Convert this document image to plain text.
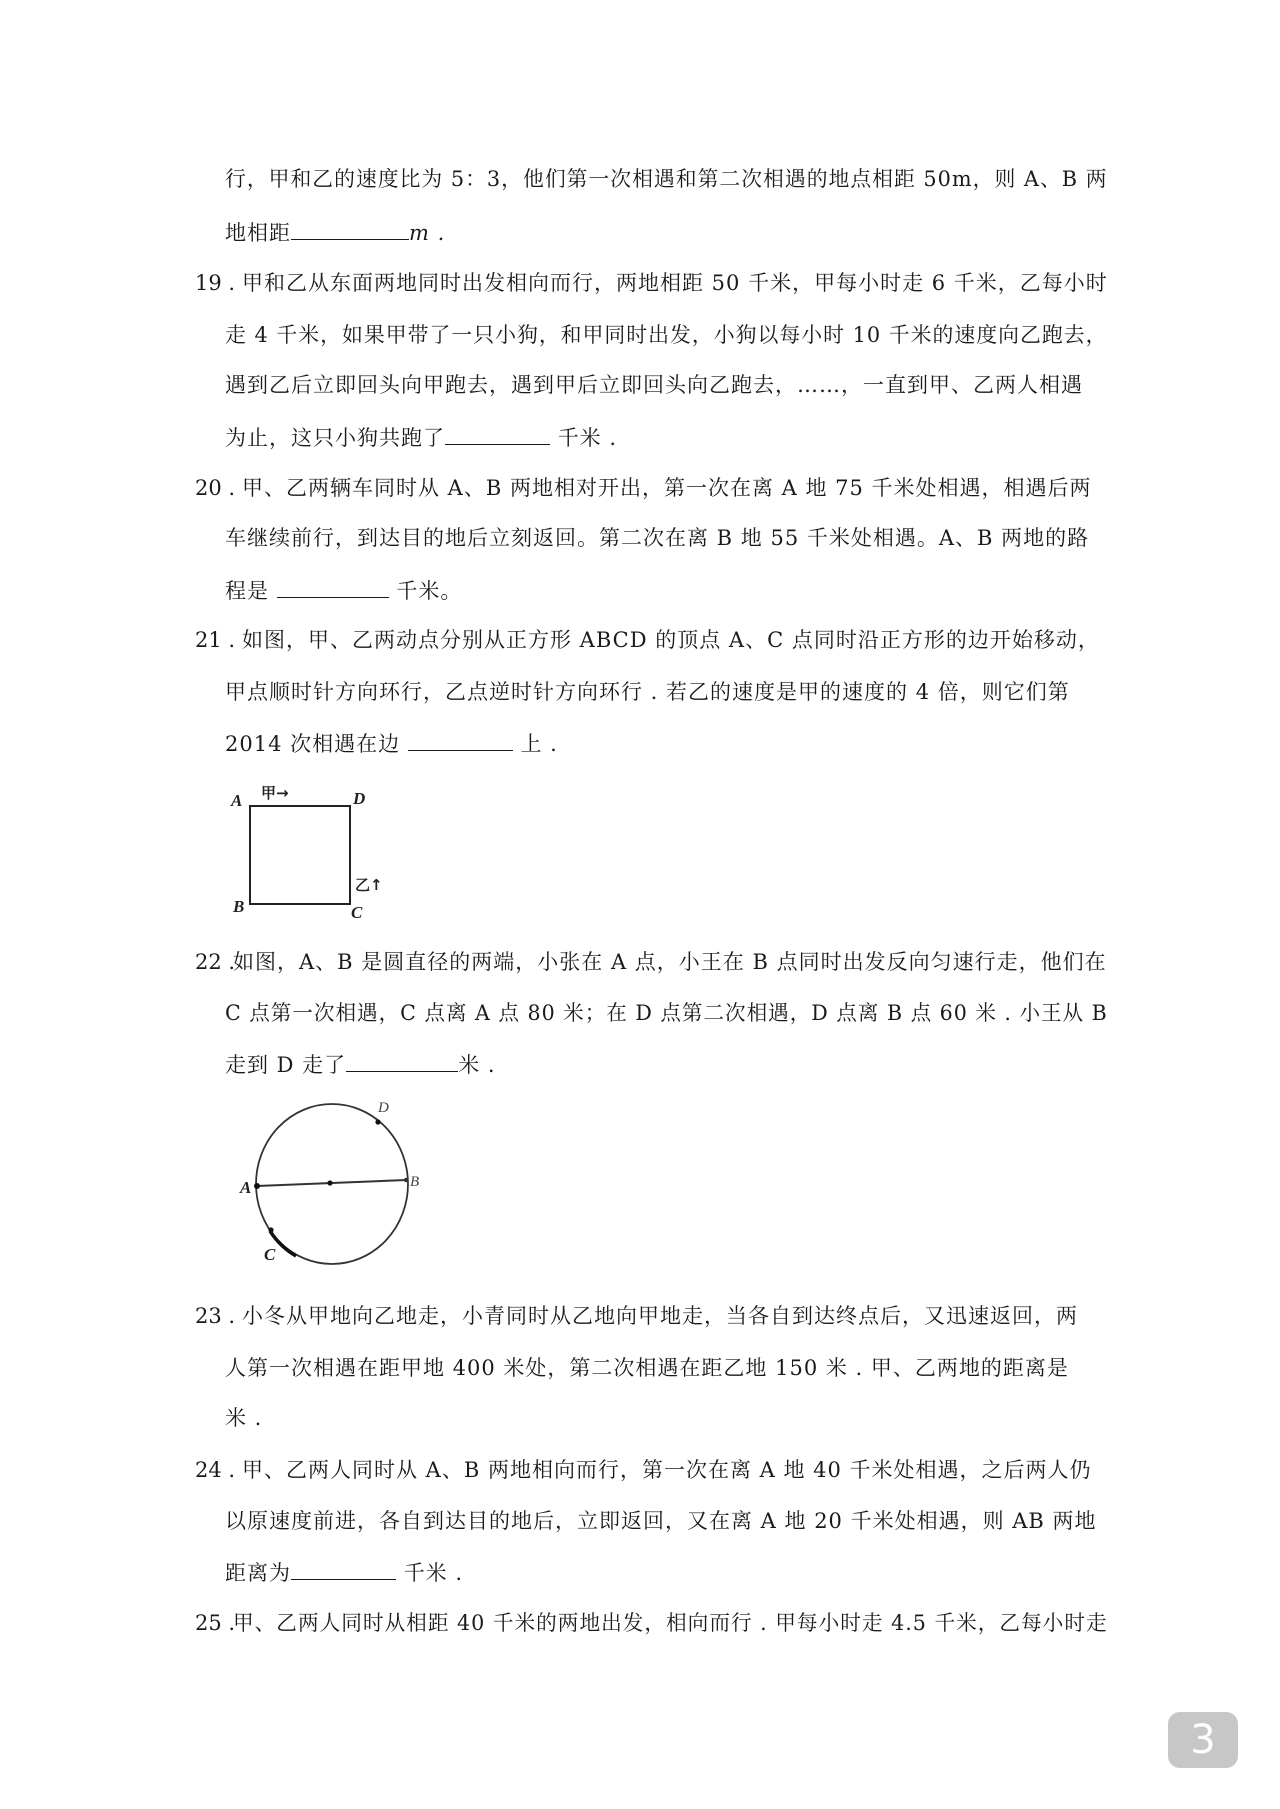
行，甲和乙的速度比为 5：3，他们第一次相遇和第二次相遇的地点相距 50m，则 A、B 两
地相距	m .
19 . 甲和乙从东面两地同时出发相向而行，两地相距 50 千米，甲每小时走 6 千米，乙每小时
走 4 千米，如果甲带了一只小狗，和甲同时出发，小狗以每小时 10 千米的速度向乙跑去，
遇到乙后立即回头向甲跑去，遇到甲后立即回头向乙跑去，……，一直到甲、乙两人相遇
为止，这只小狗共跑了	千米 .
20 . 甲、乙两辆车同时从 A、B 两地相对开出，第一次在离 A 地 75 千米处相遇，相遇后两
车继续前行，到达目的地后立刻返回。第二次在离 B 地 55 千米处相遇。A、B 两地的路
程是	千米。
21 . 如图，甲、乙两动点分别从正方形 ABCD 的顶点 A、C 点同时沿正方形的边开始移动，
甲点顺时针方向环行，乙点逆时针方向环行 . 若乙的速度是甲的速度的 4 倍，则它们第
2014 次相遇在边	上 .
A	D
B	C
甲→
乙↑
22 .
如图，A、B 是圆直径的两端，小张在 A 点，小王在 B 点同时出发反向匀速行走，他们在
C 点第一次相遇，C 点离 A 点 80 米；在 D 点第二次相遇，D 点离 B 点 60 米 . 小王从 B
走到 D 走了	米 .
A	B
C
D
23 . 小冬从甲地向乙地走，小青同时从乙地向甲地走，当各自到达终点后，又迅速返回，两
人第一次相遇在距甲地 400 米处，第二次相遇在距乙地 150 米 . 甲、乙两地的距离是
米 .
24 . 甲、乙两人同时从 A、B 两地相向而行，第一次在离 A 地 40 千米处相遇，之后两人仍
以原速度前进，各自到达目的地后，立即返回，又在离 A 地 20 千米处相遇，则 AB 两地
距离为	千米 .
25 .
甲、乙两人同时从相距 40 千米的两地出发，相向而行 . 甲每小时走 4.5 千米，乙每小时走
3
